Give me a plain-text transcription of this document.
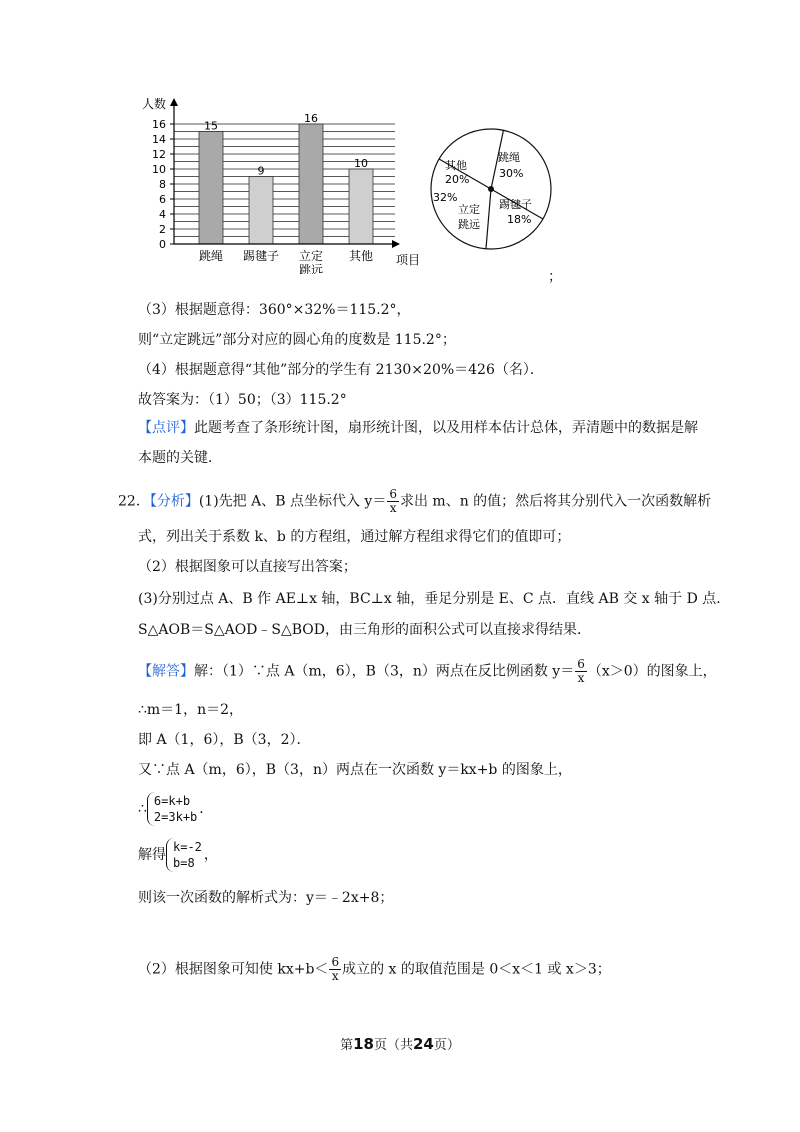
人数
项目
15
9
16
10
0
2
4
6
8
10
12
14
16
跳绳 踢毽子 立定
跳远
其他
其他
20%
跳绳
30%
32%
立定
跳远
踢毽子
18%
；
（3）根据题意得：360°×32%＝115.2°，
则“立定跳远”部分对应的圆心角的度数是 115.2°；
（4）根据题意得“其他”部分的学生有 2130×20%＝426（名）．
故答案为：（1）50；（3）115.2°
【点评】此题考查了条形统计图，扇形统计图，以及用样本估计总体，弄清题中的数据是解
本题的关键．
22．【分析】(1)先把 A、B 点坐标代入 $y= \frac{6}{x}$ 求出 m、n 的值；然后将其分别代入一次函数解析
式，列出关于系数 k、b 的方程组，通过解方程组求得它们的值即可；
（2）根据图象可以直接写出答案；
(3)分别过点 A、B 作 AE⊥x 轴，BC⊥x 轴，垂足分别是 E、C 点．直线 AB 交 x 轴于 D 点．
S△AOB＝S△AOD﹣S△BOD，由三角形的面积公式可以直接求得结果．
【解答】解：（1）∵点 A（m，6），B（3，n）两点在反比例函数 $y= \frac{6}{x} (x>0)$的图象上，
∴m＝1，n＝2，
即 A（1，6），B（3，2）．
又∵点 A（m，6），B（3，n）两点在一次函数 y＝kx+b 的图象上，
∴ 6=k+b
2=3k+b ．
解得 k=-2
b=8 ，
则该一次函数的解析式为：y＝﹣2x+8；
（2）根据图象可知使 $kx+b< \frac{6}{x}$ 成立的 x 的取值范围是 0＜x＜1 或 x＞3；
第18页（共24页）
